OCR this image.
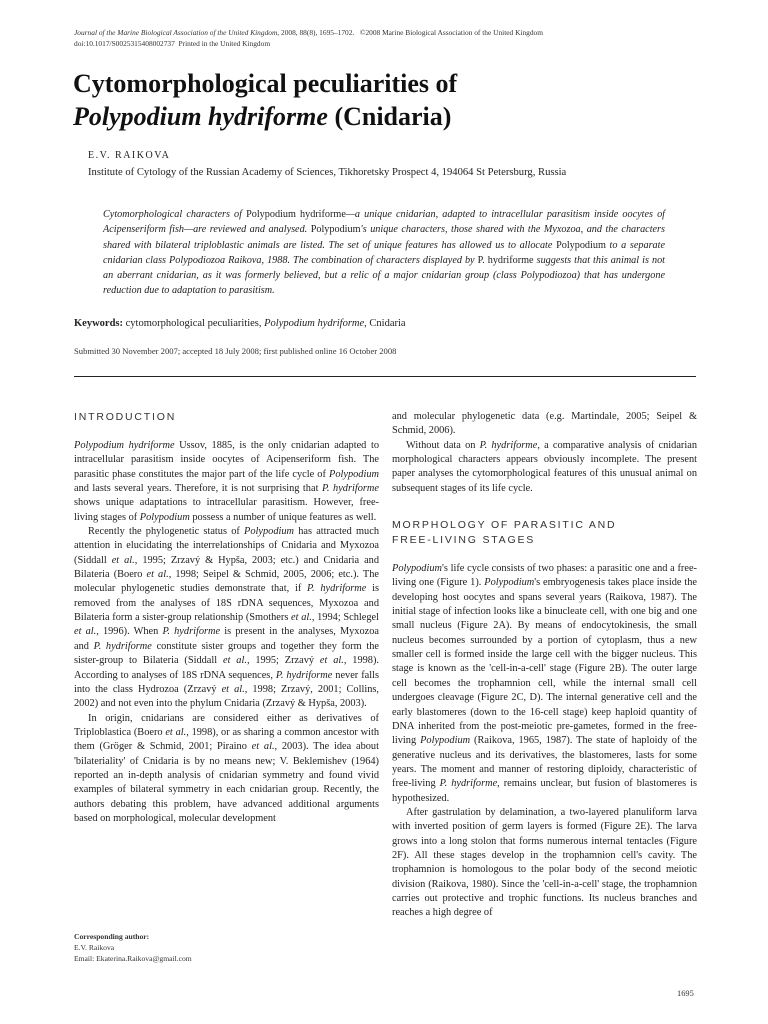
Journal of the Marine Biological Association of the United Kingdom, 2008, 88(8), 1695–1702. ©2008 Marine Biological Association of the United Kingdom
doi:10.1017/S0025315408002737 Printed in the United Kingdom
Cytomorphological peculiarities of
Polypodium hydriforme (Cnidaria)
E.V. RAIKOVA
Institute of Cytology of the Russian Academy of Sciences, Tikhoretsky Prospect 4, 194064 St Petersburg, Russia

Cytomorphological characters of Polypodium hydriforme—a unique cnidarian, adapted to intracellular parasitism inside oocytes of Acipenseriform fish—are reviewed and analysed. Polypodium's unique characters, those shared with the Myxozoa, and the characters shared with bilateral triploblastic animals are listed. The set of unique features has allowed us to allocate Polypodium to a separate cnidarian class Polypodiozoa Raikova, 1988. The combination of characters displayed by P. hydriforme suggests that this animal is not an aberrant cnidarian, as it was formerly believed, but a relic of a major cnidarian group (class Polypodiozoa) that has undergone reduction due to adaptation to parasitism.

Keywords: cytomorphological peculiarities, Polypodium hydriforme, Cnidaria
Submitted 30 November 2007; accepted 18 July 2008; first published online 16 October 2008
INTRODUCTION

Polypodium hydriforme Ussov, 1885, is the only cnidarian adapted to intracellular parasitism inside oocytes of Acipenseriform fish. The parasitic phase constitutes the major part of the life cycle of Polypodium and lasts several years. Therefore, it is not surprising that P. hydriforme shows unique adaptations to intracellular parasitism. However, free-living stages of Polypodium possess a number of unique features as well.

Recently the phylogenetic status of Polypodium has attracted much attention in elucidating the interrelationships of Cnidaria and Myxozoa (Siddall et al., 1995; Zrzavý & Hypša, 2003; etc.) and Cnidaria and Bilateria (Boero et al., 1998; Seipel & Schmid, 2005, 2006; etc.). The molecular phylogenetic studies demonstrate that, if P. hydriforme is removed from the analyses of 18S rDNA sequences, Myxozoa and Bilateria form a sister-group relationship (Smothers et al., 1994; Schlegel et al., 1996). When P. hydriforme is present in the analyses, Myxozoa and P. hydriforme constitute sister groups and together they form the sister-group to Bilateria (Siddall et al., 1995; Zrzavý et al., 1998). According to analyses of 18S rDNA sequences, P. hydriforme never falls into the class Hydrozoa (Zrzavý et al., 1998; Zrzavý, 2001; Collins, 2002) and not even into the phylum Cnidaria (Zrzavý & Hypša, 2003).

In origin, cnidarians are considered either as derivatives of Triploblastica (Boero et al., 1998), or as sharing a common ancestor with them (Gröger & Schmid, 2001; Piraino et al., 2003). The idea about 'bilateriality' of Cnidaria is by no means new; V. Beklemishev (1964) reported an in-depth analysis of cnidarian symmetry and found vivid examples of bilateral symmetry in each cnidarian group. Recently, the authors debating this problem, have advanced additional arguments based on morphological, molecular development

Corresponding author:
E.V. Raikova
Email: Ekaterina.Raikova@gmail.com

and molecular phylogenetic data (e.g. Martindale, 2005; Seipel & Schmid, 2006).

Without data on P. hydriforme, a comparative analysis of cnidarian morphological characters appears obviously incomplete. The present paper analyses the cytomorphological features of this unusual animal on subsequent stages of its life cycle.

MORPHOLOGY OF PARASITIC AND
FREE-LIVING STAGES

Polypodium's life cycle consists of two phases: a parasitic one and a free-living one (Figure 1). Polypodium's embryogenesis takes place inside the developing host oocytes and spans several years (Raikova, 1987). The initial stage of infection looks like a binucleate cell, with one big and one small nucleus (Figure 2A). By means of endocytokinesis, the small nucleus becomes surrounded by a portion of cytoplasm, thus a new smaller cell is formed inside the large cell with the bigger nucleus. This stage is known as the 'cell-in-a-cell' stage (Figure 2B). The outer large cell becomes the trophamnion cell, while the internal small cell undergoes cleavage (Figure 2C, D). The internal generative cell and the early blastomeres (down to the 16-cell stage) keep haploid quantity of DNA inherited from the post-meiotic pre-gametes, formed in the free-living Polypodium (Raikova, 1965, 1987). The state of haploidy of the generative nucleus and its derivatives, the blastomeres, lasts for some years. The moment and manner of restoring diploidy, characteristic of free-living P. hydriforme, remains unclear, but fusion of blastomeres is hypothesized.

After gastrulation by delamination, a two-layered planuliform larva with inverted position of germ layers is formed (Figure 2E). The larva grows into a long stolon that forms numerous internal tentacles (Figure 2F). All these stages develop in the trophamnion cell's cavity. The trophamnion is homologous to the polar body of the second meiotic division (Raikova, 1980). Since the 'cell-in-a-cell' stage, the trophamnion carries out protective and trophic functions. Its nucleus branches and reaches a high degree of

1695
